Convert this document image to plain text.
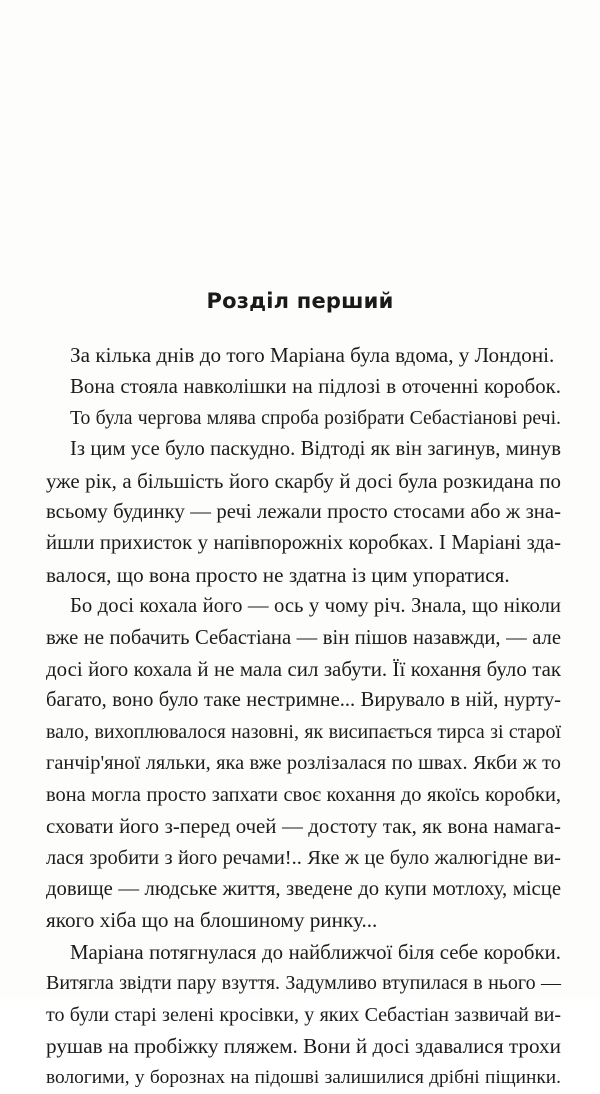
Розділ перший
За кілька днів до того Маріана була вдома, у Лондоні.
Вона стояла навколішки на підлозі в оточенні коробок.
То була чергова млява спроба розібрати Себастіанові речі.
Із цим усе було паскудно. Відтоді як він загинув, минув
уже рік, а більшість його скарбу й досі була розкидана по
всьому будинку — речі лежали просто стосами або ж зна-
йшли прихисток у напівпорожніх коробках. І Маріані зда-
валося, що вона просто не здатна із цим упоратися.
Бо досі кохала його — ось у чому річ. Знала, що ніколи
вже не побачить Себастіана — він пішов назавжди, — але
досі його кохала й не мала сил забути. Її кохання було так
багато, воно було таке нестримне... Вирувало в ній, нурту-
вало, вихоплювалося назовні, як висипається тирса зі старої
ганчір'яної ляльки, яка вже розлізалася по швах. Якби ж то
вона могла просто запхати своє кохання до якоїсь коробки,
сховати його з-перед очей — достоту так, як вона намага-
лася зробити з його речами!.. Яке ж це було жалюгідне ви-
довище — людське життя, зведене до купи мотлоху, місце
якого хіба що на блошиному ринку...
Маріана потягнулася до найближчої біля себе коробки.
Витягла звідти пару взуття. Задумливо втупилася в нього —
то були старі зелені кросівки, у яких Себастіан зазвичай ви-
рушав на пробіжку пляжем. Вони й досі здавалися трохи
вологими, у борознах на підошві залишилися дрібні піщинки.
